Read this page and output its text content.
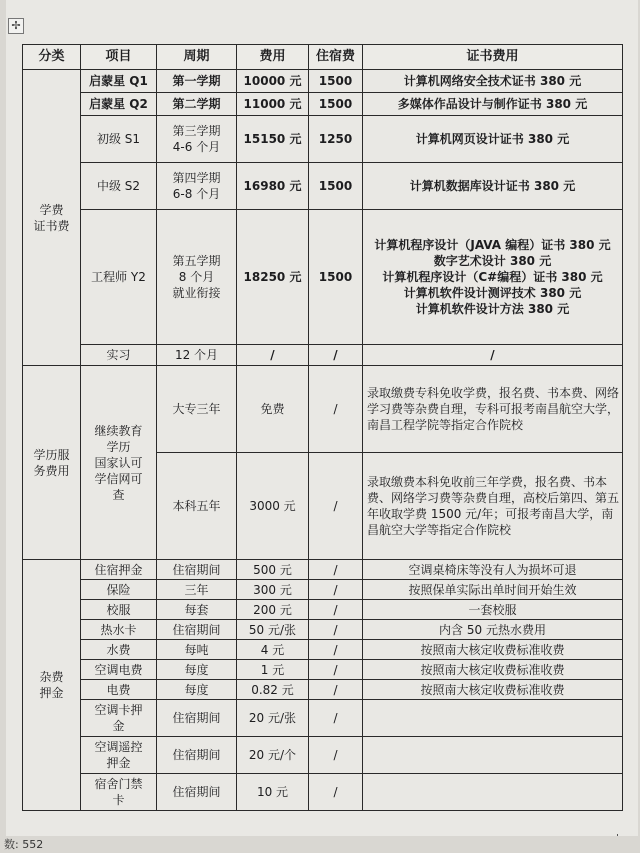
✢
分类	项目	周期	费用	住宿费	证书费用
学费
证书费	启蒙星 Q1	第一学期	10000 元	1500	计算机网络安全技术证书 380 元
	启蒙星 Q2	第二学期	11000 元	1500	多媒体作品设计与制作证书 380 元
	初级 S1	第三学期
4-6 个月	15150 元	1250	计算机网页设计证书 380 元
	中级 S2	第四学期
6-8 个月	16980 元	1500	计算机数据库设计证书 380 元
	工程师 Y2	第五学期
8 个月
就业衔接	18250 元	1500	计算机程序设计（JAVA 编程）证书 380 元
数字艺术设计 380 元
计算机程序设计（C#编程）证书 380 元
计算机软件设计测评技术 380 元
计算机软件设计方法 380 元
	实习	12 个月	/	/	/
学历服
务费用	继续教育
学历
国家认可
学信网可
查	大专三年	免费	/	录取缴费专科免收学费，报名费、书本费、网络学习费等杂费自理，专科可报考南昌航空大学，南昌工程学院等指定合作院校
		本科五年	3000 元	/	录取缴费本科免收前三年学费，报名费、书本费、网络学习费等杂费自理，高校后第四、第五年收取学费 1500 元/年；可报考南昌大学，南昌航空大学等指定合作院校
杂费
押金	住宿押金	住宿期间	500 元	/	空调桌椅床等没有人为损坏可退
	保险	三年	300 元	/	按照保单实际出单时间开始生效
	校服	每套	200 元	/	一套校服
	热水卡	住宿期间	50 元/张	/	内含 50 元热水费用
	水费	每吨	4 元	/	按照南大核定收费标准收费
	空调电费	每度	1 元	/	按照南大核定收费标准收费
	电费	每度	0.82 元	/	按照南大核定收费标准收费
	空调卡押
金	住宿期间	20 元/张	/	
	空调遥控
押金	住宿期间	20 元/个	/	
	宿舍门禁
卡	住宿期间	10 元	/	
数: 552
